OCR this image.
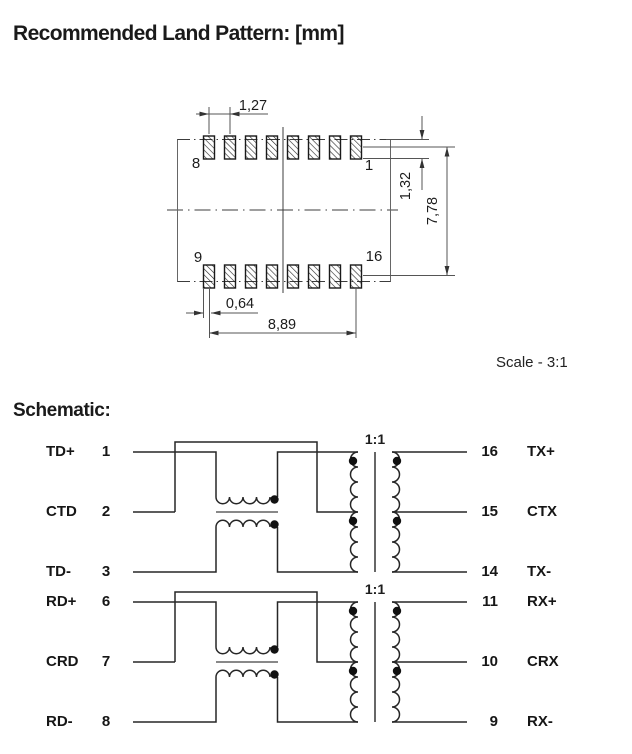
Recommended Land Pattern: [mm]
1,27
1,32
7,78
0,64
8,89
8	1
9	16
Scale - 3:1
Schematic:
1:1
1:1
TD+	1
CTD	2
TD-	3
16 TX+
15 CTX
14 TX-
RD+	6
CRD	7
RD-	8
11 RX+
10 CRX
9 RX-
